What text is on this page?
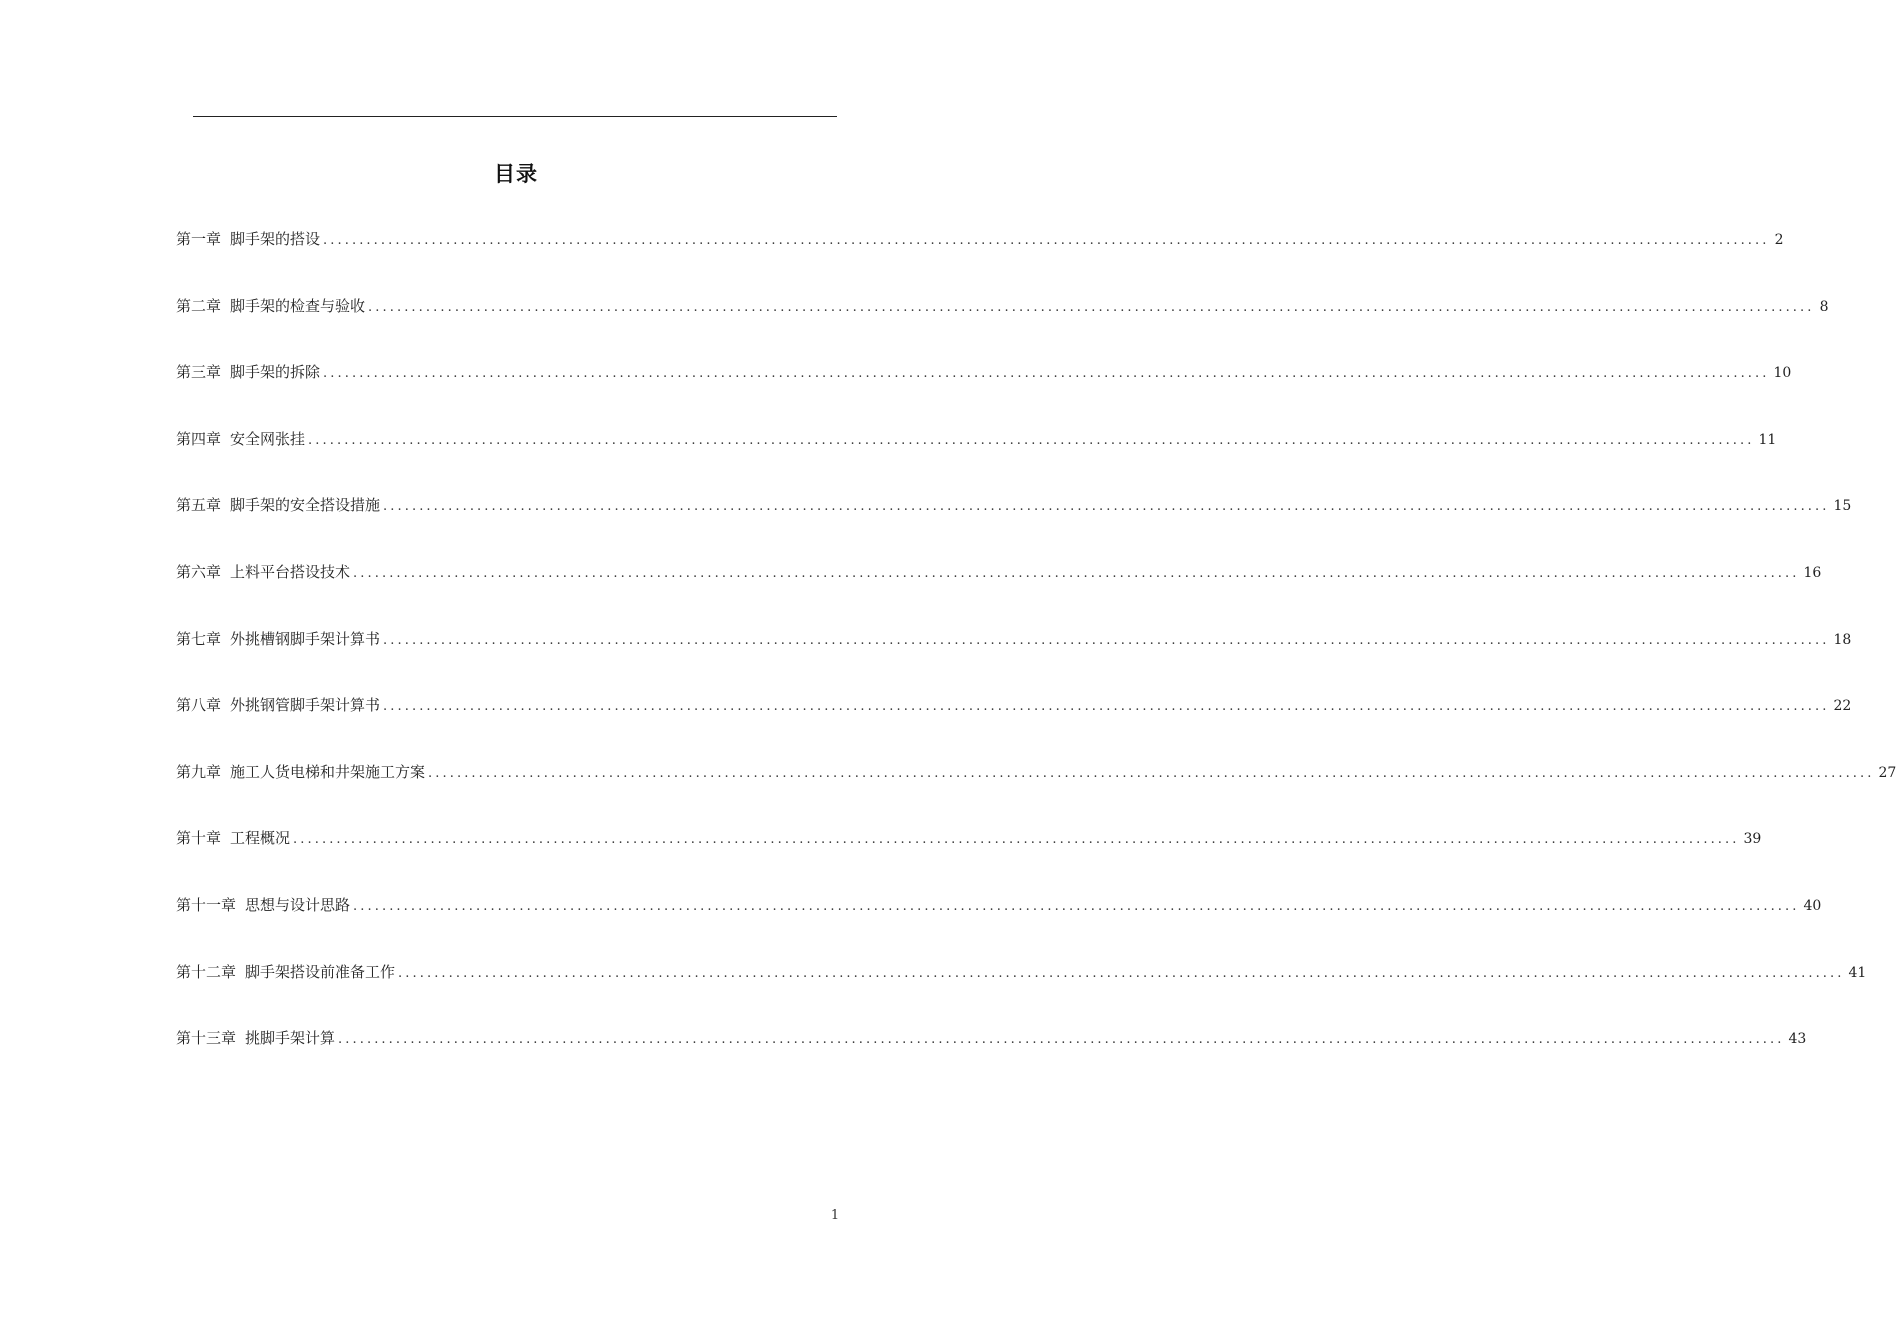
目录
第一章 脚手架的搭设 ........................................................................................................................................................................................................ 2
第二章 脚手架的检查与验收 ........................................................................................................................................................................................................ 8
第三章 脚手架的拆除 ........................................................................................................................................................................................................ 10
第四章 安全网张挂 ........................................................................................................................................................................................................ 11
第五章 脚手架的安全搭设措施 ........................................................................................................................................................................................................ 15
第六章 上料平台搭设技术 ........................................................................................................................................................................................................ 16
第七章 外挑槽钢脚手架计算书 ........................................................................................................................................................................................................ 18
第八章 外挑钢管脚手架计算书 ........................................................................................................................................................................................................ 22
第九章 施工人货电梯和井架施工方案 ........................................................................................................................................................................................................ 27
第十章 工程概况 ........................................................................................................................................................................................................ 39
第十一章 思想与设计思路 ........................................................................................................................................................................................................ 40
第十二章 脚手架搭设前准备工作 ........................................................................................................................................................................................................ 41
第十三章 挑脚手架计算 ........................................................................................................................................................................................................ 43
1
